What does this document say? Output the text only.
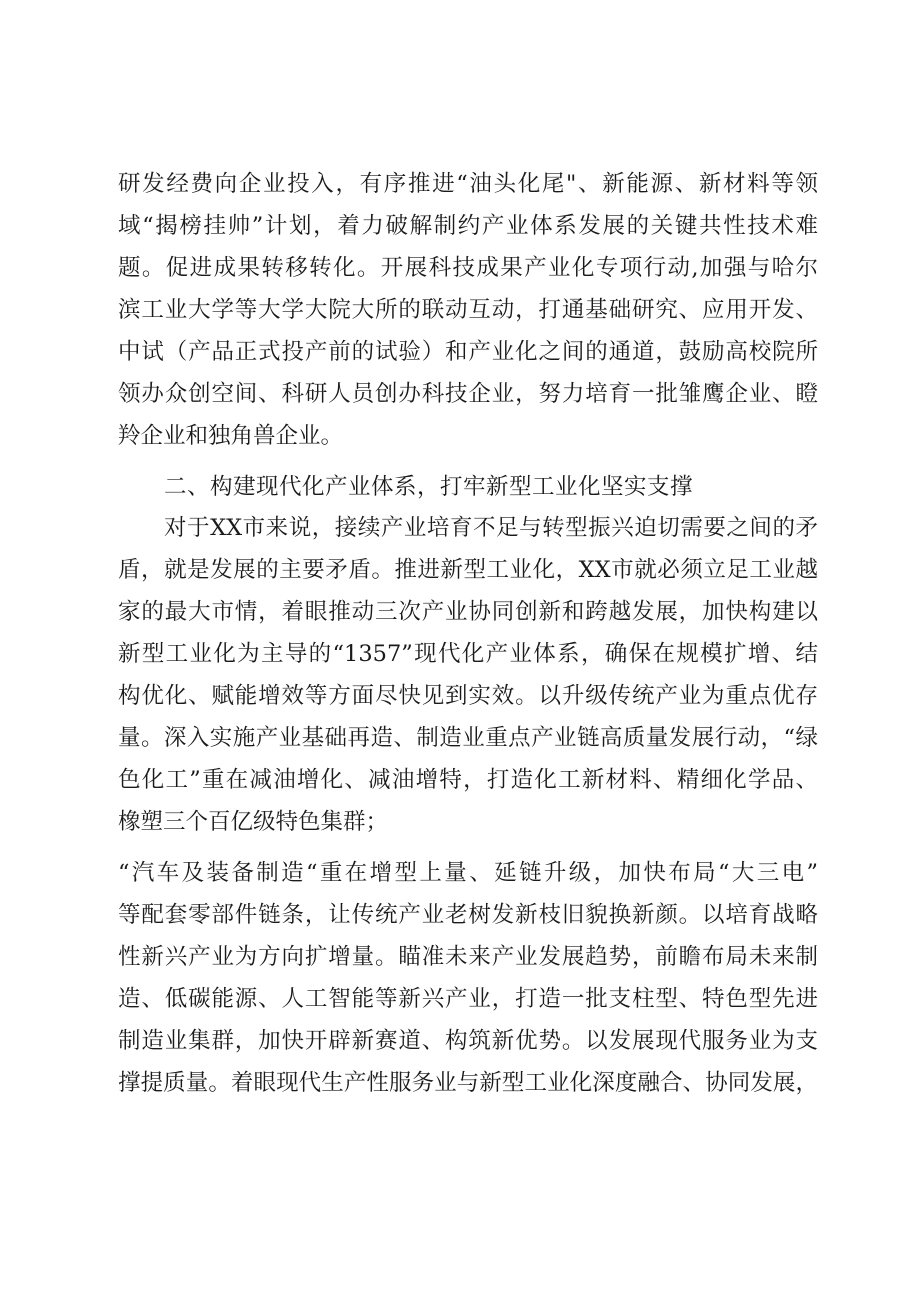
研发经费向企业投入，有序推进“油头化尾"、新能源、新材料等领
域“揭榜挂帅”计划，着力破解制约产业体系发展的关键共性技术难
题。促进成果转移转化。开展科技成果产业化专项行动,加强与哈尔
滨工业大学等大学大院大所的联动互动，打通基础研究、应用开发、
中试（产品正式投产前的试验）和产业化之间的通道，鼓励高校院所
领办众创空间、科研人员创办科技企业，努力培育一批雏鹰企业、瞪
羚企业和独角兽企业。
二、构建现代化产业体系，打牢新型工业化坚实支撑
对于XX市来说，接续产业培育不足与转型振兴迫切需要之间的矛
盾，就是发展的主要矛盾。推进新型工业化，XX市就必须立足工业越
家的最大市情，着眼推动三次产业协同创新和跨越发展，加快构建以
新型工业化为主导的“1357”现代化产业体系，确保在规模扩增、结
构优化、赋能增效等方面尽快见到实效。以升级传统产业为重点优存
量。深入实施产业基础再造、制造业重点产业链高质量发展行动，“绿
色化工”重在减油增化、减油增特，打造化工新材料、精细化学品、
橡塑三个百亿级特色集群；
“汽车及装备制造“重在增型上量、延链升级，加快布局“大三电”
等配套零部件链条，让传统产业老树发新枝旧貌换新颜。以培育战略
性新兴产业为方向扩增量。瞄准未来产业发展趋势，前瞻布局未来制
造、低碳能源、人工智能等新兴产业，打造一批支柱型、特色型先进
制造业集群，加快开辟新赛道、构筑新优势。以发展现代服务业为支
撑提质量。着眼现代生产性服务业与新型工业化深度融合、协同发展，
